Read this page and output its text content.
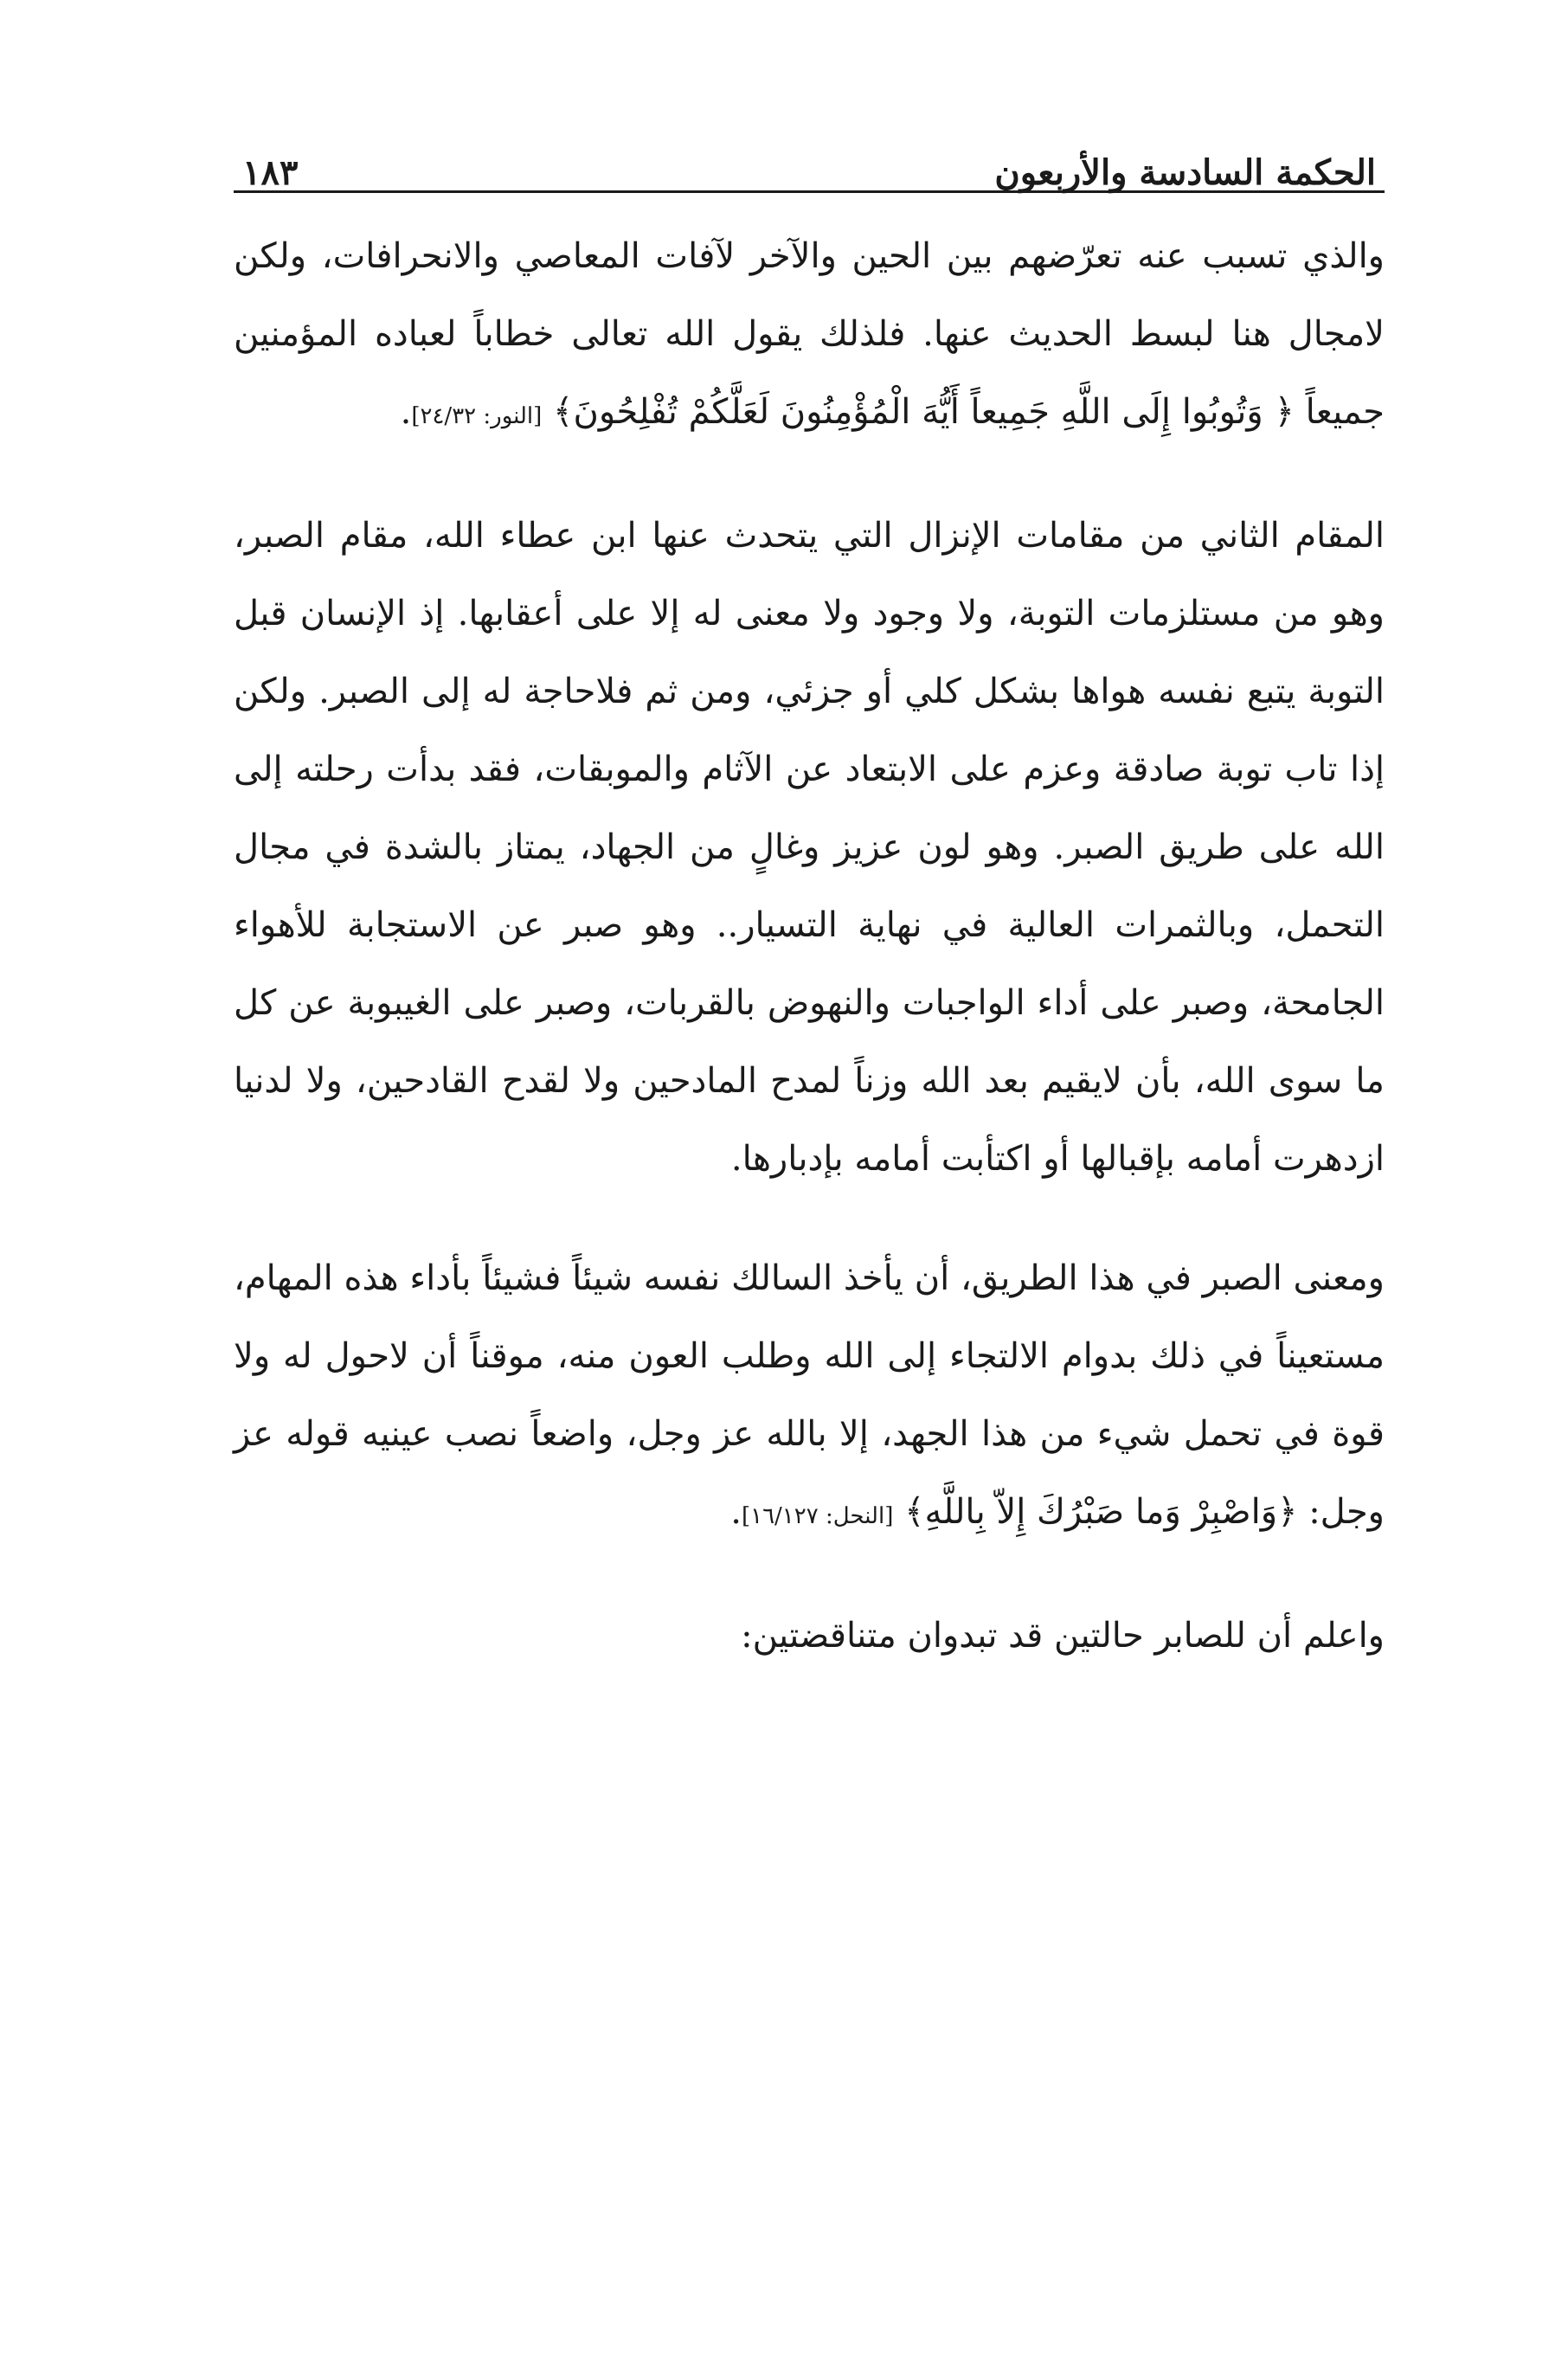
الحكمة السادسة والأربعون
١٨٣

والذي تسبب عنه تعرّضهم بين الحين والآخر لآفات المعاصي والانحرافات، ولكن لامجال هنا لبسط الحديث عنها. فلذلك يقول الله تعالى خطاباً لعباده المؤمنين جميعاً ﴿ وَتُوبُوا إِلَى اللَّهِ جَمِيعاً أَيُّهَ الْمُؤْمِنُونَ لَعَلَّكُمْ تُفْلِحُونَ﴾ [النور: ٢٤/٣٢].

المقام الثاني من مقامات الإنزال التي يتحدث عنها ابن عطاء الله، مقام الصبر، وهو من مستلزمات التوبة، ولا وجود ولا معنى له إلا على أعقابها. إذ الإنسان قبل التوبة يتبع نفسه هواها بشكل كلي أو جزئي، ومن ثم فلاحاجة له إلى الصبر. ولكن إذا تاب توبة صادقة وعزم على الابتعاد عن الآثام والموبقات، فقد بدأت رحلته إلى الله على طريق الصبر. وهو لون عزيز وغالٍ من الجهاد، يمتاز بالشدة في مجال التحمل، وبالثمرات العالية في نهاية التسيار.. وهو صبر عن الاستجابة للأهواء الجامحة، وصبر على أداء الواجبات والنهوض بالقربات، وصبر على الغيبوبة عن كل ما سوى الله، بأن لايقيم بعد الله وزناً لمدح المادحين ولا لقدح القادحين، ولا لدنيا ازدهرت أمامه بإقبالها أو اكتأبت أمامه بإدبارها.

ومعنى الصبر في هذا الطريق، أن يأخذ السالك نفسه شيئاً فشيئاً بأداء هذه المهام، مستعيناً في ذلك بدوام الالتجاء إلى الله وطلب العون منه، موقناً أن لاحول له ولا قوة في تحمل شيء من هذا الجهد، إلا بالله عز وجل، واضعاً نصب عينيه قوله عز وجل: ﴿وَاصْبِرْ وَما صَبْرُكَ إِلاّ بِاللَّهِ﴾ [النحل: ١٦/١٢٧].

واعلم أن للصابر حالتين قد تبدوان متناقضتين:
